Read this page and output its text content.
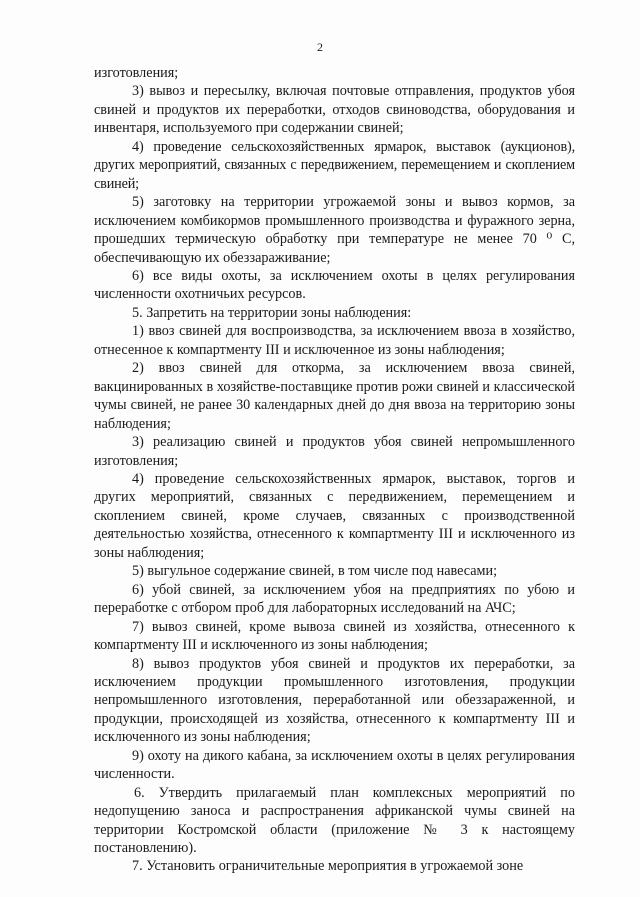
2

изготовления;

3) вывоз и пересылку, включая почтовые отправления, продуктов убоя свиней и продуктов их переработки, отходов свиноводства, оборудования и инвентаря, используемого при содержании свиней;

4) проведение сельскохозяйственных ярмарок, выставок (аукционов), других мероприятий, связанных с передвижением, перемещением и скоплением свиней;

5) заготовку на территории угрожаемой зоны и вывоз кормов, за исключением комбикормов промышленного производства и фуражного зерна, прошедших термическую обработку при температуре не менее 70 ⁰ С, обеспечивающую их обеззараживание;

6) все виды охоты, за исключением охоты в целях регулирования численности охотничьих ресурсов.

5. Запретить на территории зоны наблюдения:

1) ввоз свиней для воспроизводства, за исключением ввоза в хозяйство, отнесенное к компартменту III и исключенное из зоны наблюдения;

2) ввоз свиней для откорма, за исключением ввоза свиней, вакцинированных в хозяйстве-поставщике против рожи свиней и классической чумы свиней, не ранее 30 календарных дней до дня ввоза на территорию зоны наблюдения;

3) реализацию свиней и продуктов убоя свиней непромышленного изготовления;

4) проведение сельскохозяйственных ярмарок, выставок, торгов и других мероприятий, связанных с передвижением, перемещением и скоплением свиней, кроме случаев, связанных с производственной деятельностью хозяйства, отнесенного к компартменту III и исключенного из зоны наблюдения;

5) выгульное содержание свиней, в том числе под навесами;

6) убой свиней, за исключением убоя на предприятиях по убою и переработке с отбором проб для лабораторных исследований на АЧС;

7) вывоз свиней, кроме вывоза свиней из хозяйства, отнесенного к компартменту III и исключенного из зоны наблюдения;

8) вывоз продуктов убоя свиней и продуктов их переработки, за исключением продукции промышленного изготовления, продукции непромышленного изготовления, переработанной или обеззараженной, и продукции, происходящей из хозяйства, отнесенного к компартменту III и исключенного из зоны наблюдения;

9) охоту на дикого кабана, за исключением охоты в целях регулирования численности.

6. Утвердить прилагаемый план комплексных мероприятий по недопущению заноса и распространения африканской чумы свиней на территории Костромской области (приложение № 3 к настоящему постановлению).

7. Установить ограничительные мероприятия в угрожаемой зоне
